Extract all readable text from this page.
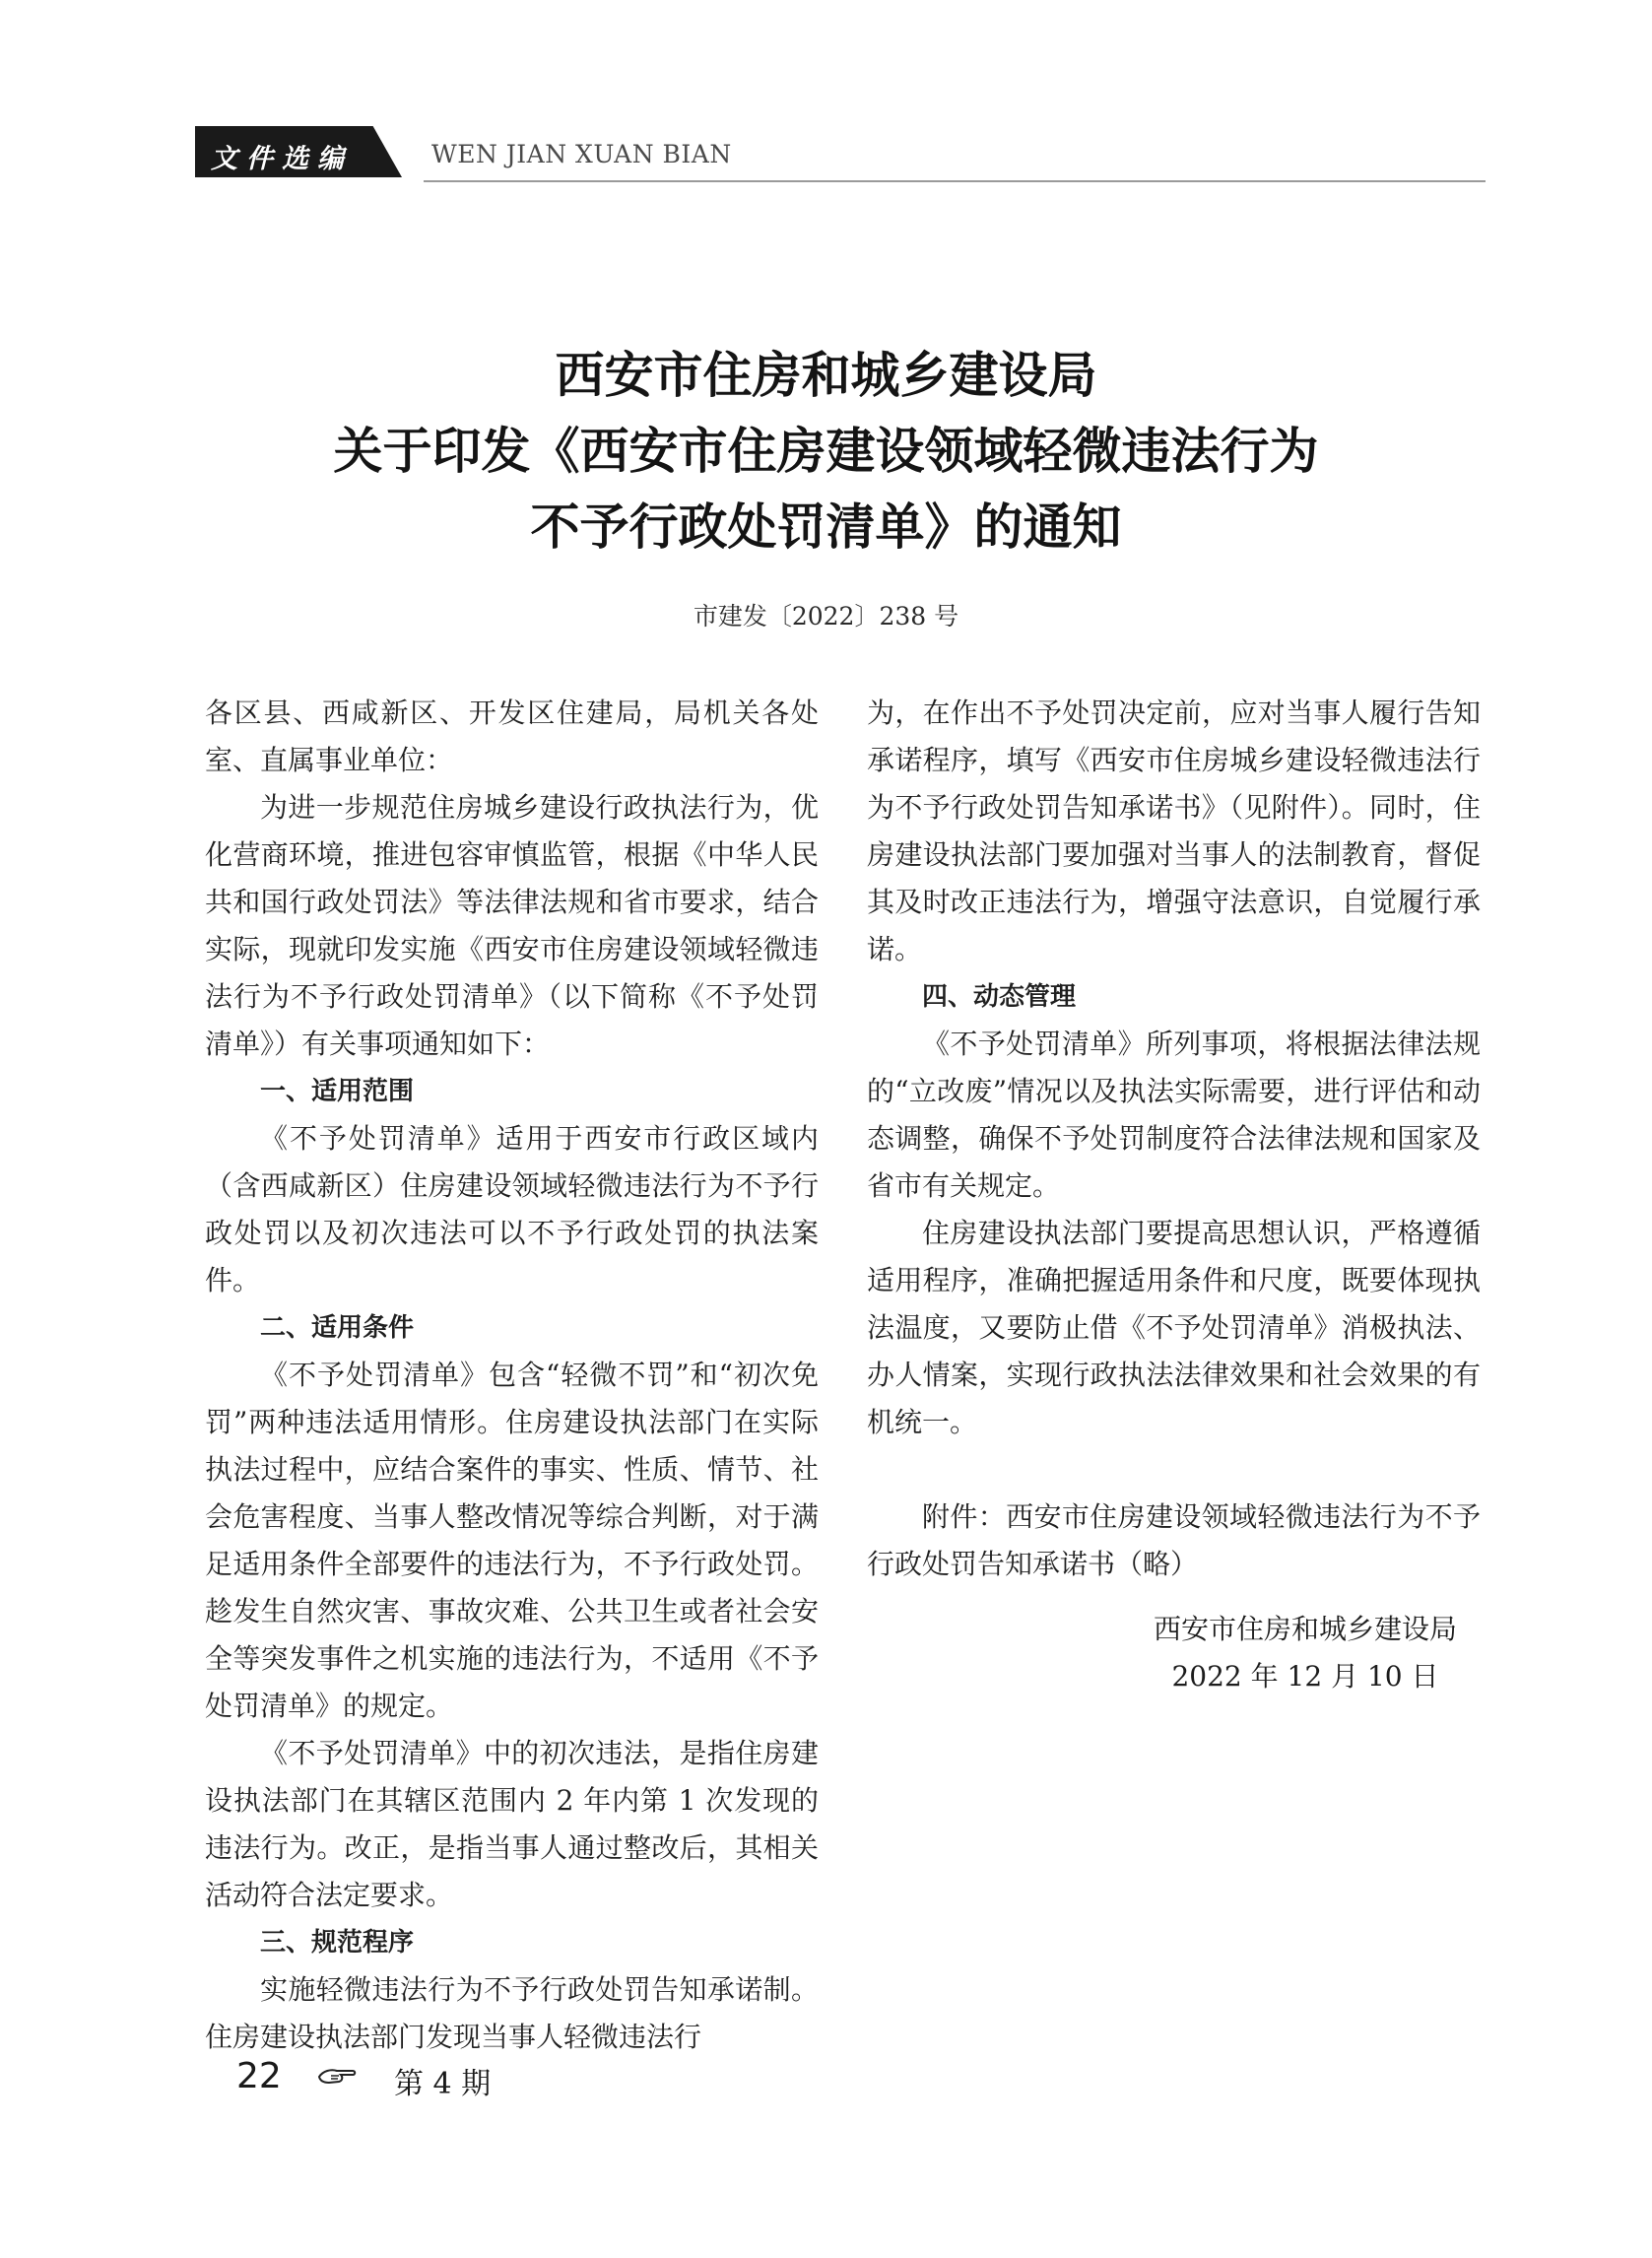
文件选编	WEN JIAN XUAN BIAN
西安市住房和城乡建设局
关于印发《西安市住房建设领域轻微违法行为
不予行政处罚清单》的通知
市建发〔2022〕238 号

各区县、西咸新区、开发区住建局，局机关各处室、直属事业单位：

为进一步规范住房城乡建设行政执法行为，优化营商环境，推进包容审慎监管，根据《中华人民共和国行政处罚法》等法律法规和省市要求，结合实际，现就印发实施《西安市住房建设领域轻微违法行为不予行政处罚清单》（以下简称《不予处罚清单》）有关事项通知如下：

一、适用范围

《不予处罚清单》适用于西安市行政区域内（含西咸新区）住房建设领域轻微违法行为不予行政处罚以及初次违法可以不予行政处罚的执法案件。

二、适用条件

《不予处罚清单》包含“轻微不罚”和“初次免罚”两种违法适用情形。住房建设执法部门在实际执法过程中，应结合案件的事实、性质、情节、社会危害程度、当事人整改情况等综合判断，对于满足适用条件全部要件的违法行为，不予行政处罚。趁发生自然灾害、事故灾难、公共卫生或者社会安全等突发事件之机实施的违法行为，不适用《不予处罚清单》的规定。

《不予处罚清单》中的初次违法，是指住房建设执法部门在其辖区范围内 2 年内第 1 次发现的违法行为。改正，是指当事人通过整改后，其相关活动符合法定要求。

三、规范程序

实施轻微违法行为不予行政处罚告知承诺制。住房建设执法部门发现当事人轻微违法行

为，在作出不予处罚决定前，应对当事人履行告知承诺程序，填写《西安市住房城乡建设轻微违法行为不予行政处罚告知承诺书》（见附件）。同时，住房建设执法部门要加强对当事人的法制教育，督促其及时改正违法行为，增强守法意识，自觉履行承诺。

四、动态管理

《不予处罚清单》所列事项，将根据法律法规的“立改废”情况以及执法实际需要，进行评估和动态调整，确保不予处罚制度符合法律法规和国家及省市有关规定。

住房建设执法部门要提高思想认识，严格遵循适用程序，准确把握适用条件和尺度，既要体现执法温度，又要防止借《不予处罚清单》消极执法、办人情案，实现行政执法法律效果和社会效果的有机统一。

附件：西安市住房建设领域轻微违法行为不予行政处罚告知承诺书（略）

西安市住房和城乡建设局
2022 年 12 月 10 日
22	第 4 期
